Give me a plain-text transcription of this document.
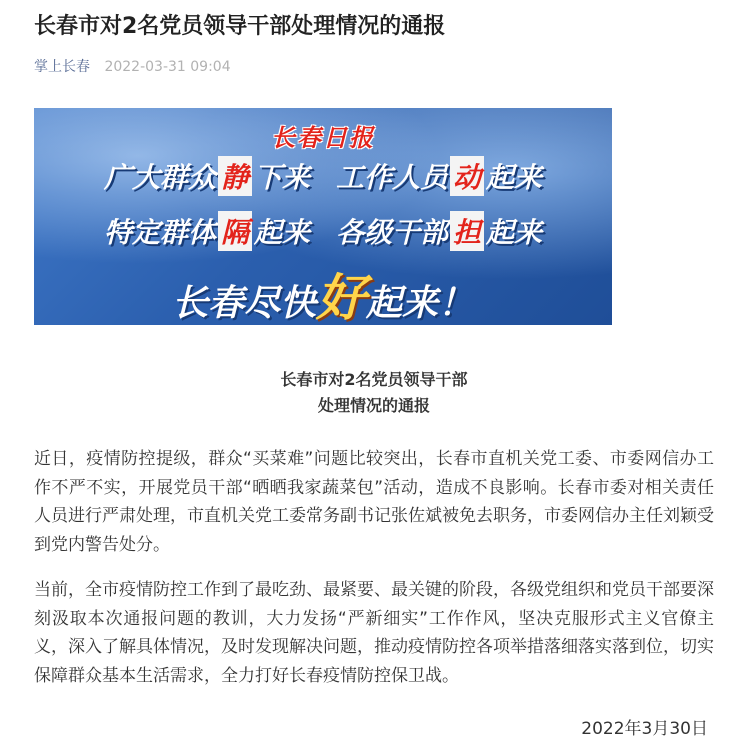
长春市对2名党员领导干部处理情况的通报
掌上长春 2022-03-31 09:04
长春日报
广大群众 静 下来 工作人员 动 起来
特定群体 隔 起来 各级干部 担 起来
长春尽快好起来！
长春市对2名党员领导干部
处理情况的通报

近日，疫情防控提级，群众“买菜难”问题比较突出，长春市直机关党工委、市委网信办工作不严不实，开展党员干部“晒晒我家蔬菜包”活动，造成不良影响。长春市委对相关责任人员进行严肃处理，市直机关党工委常务副书记张佐斌被免去职务，市委网信办主任刘颖受到党内警告处分。

当前，全市疫情防控工作到了最吃劲、最紧要、最关键的阶段，各级党组织和党员干部要深刻汲取本次通报问题的教训，大力发扬“严新细实”工作作风，坚决克服形式主义官僚主义，深入了解具体情况，及时发现解决问题，推动疫情防控各项举措落细落实落到位，切实保障群众基本生活需求，全力打好长春疫情防控保卫战。

2022年3月30日
